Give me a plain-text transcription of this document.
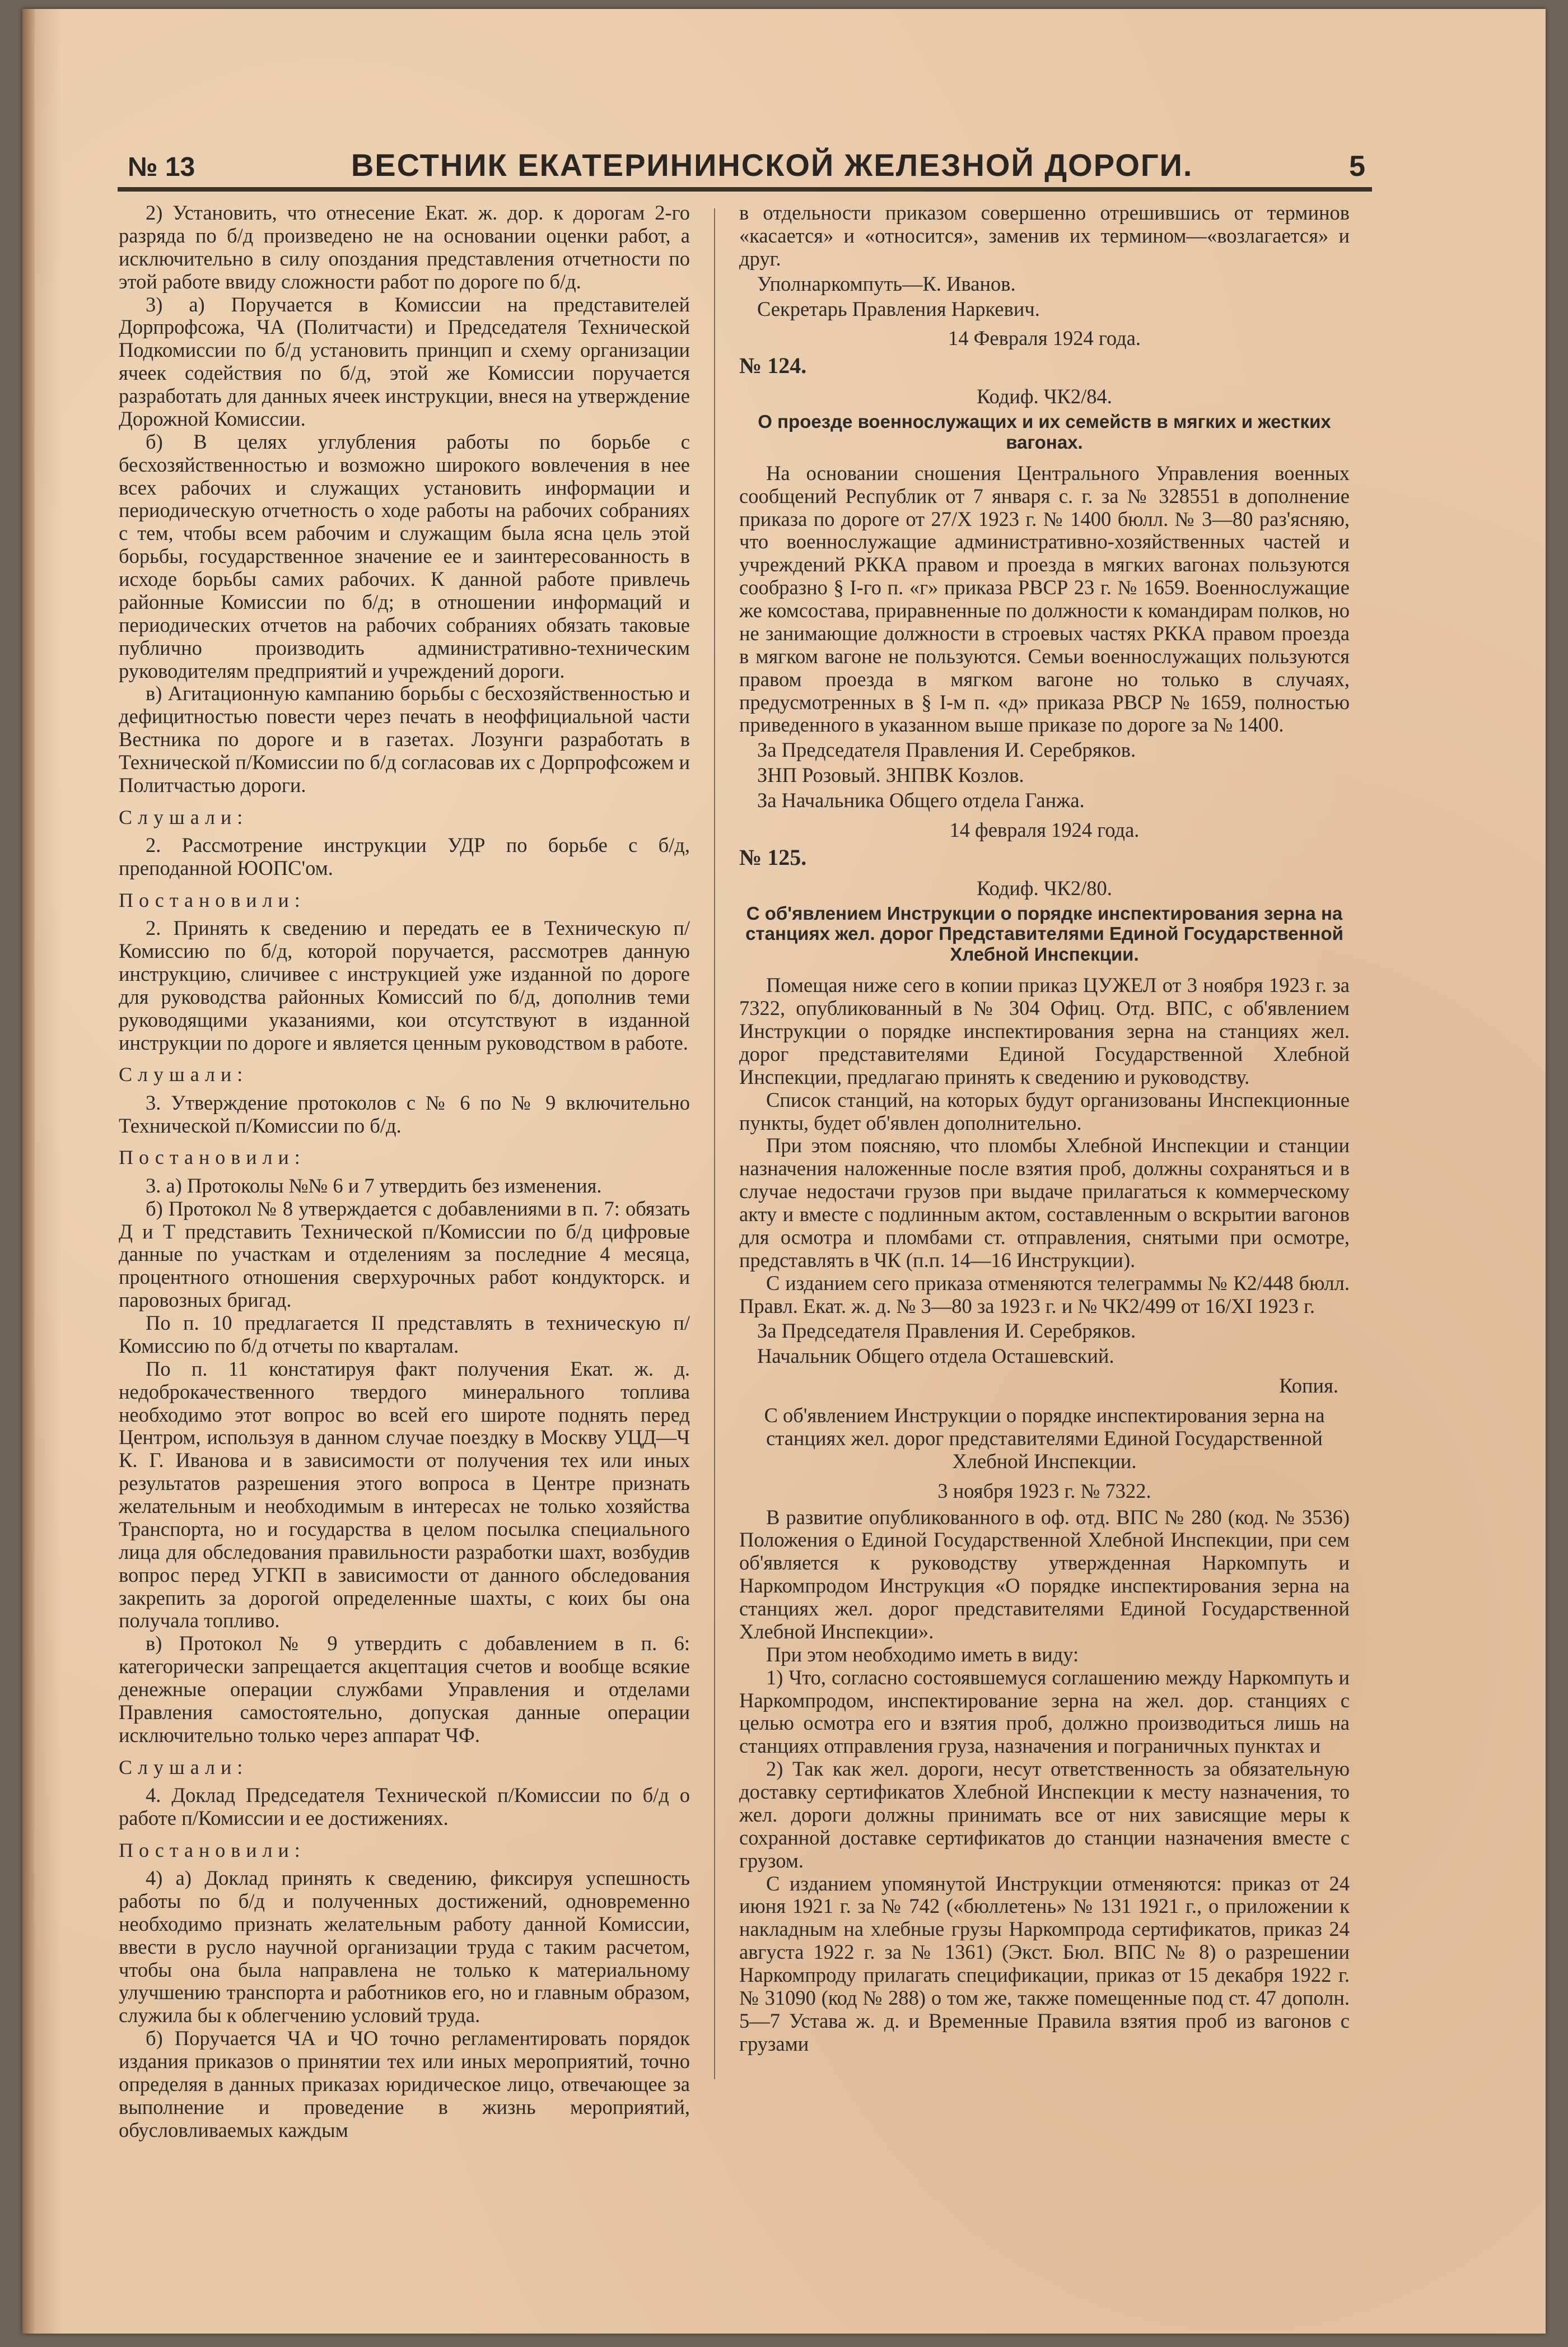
№ 13	ВЕСТНИК ЕКАТЕРИНИНСКОЙ ЖЕЛЕЗНОЙ ДОРОГИ.	5

2) Установить, что отнесение Екат. ж. дор. к дорогам 2-го разряда по б/д произведено не на основании оценки работ, а исключительно в силу опоздания представления отчетности по этой работе ввиду сложности работ по дороге по б/д.

3) а) Поручается в Комиссии на представителей Дорпрофсожа, ЧА (Политчасти) и Председателя Технической Подкомиссии по б/д установить принцип и схему организации ячеек содействия по б/д, этой же Комиссии поручается разработать для данных ячеек инструкции, внеся на утверждение Дорожной Комиссии.

б) В целях углубления работы по борьбе с бесхозяйственностью и возможно широкого вовлечения в нее всех рабочих и служащих установить информации и периодическую отчетность о ходе работы на рабочих собраниях с тем, чтобы всем рабочим и служащим была ясна цель этой борьбы, государственное значение ее и заинтересованность в исходе борьбы самих рабочих. К данной работе привлечь районные Комиссии по б/д; в отношении информаций и периодических отчетов на рабочих собраниях обязать таковые публично производить административно-техническим руководителям предприятий и учреждений дороги.

в) Агитационную кампанию борьбы с бесхозяйственностью и дефицитностью повести через печать в неоффициальной части Вестника по дороге и в газетах. Лозунги разработать в Технической п/Комиссии по б/д согласовав их с Дорпрофсожем и Политчастью дороги.

Слушали:

2. Рассмотрение инструкции УДР по борьбе с б/д, преподанной ЮОПС'ом.

Постановили:

2. Принять к сведению и передать ее в Техническую п/Комиссию по б/д, которой поручается, рассмотрев данную инструкцию, сличивее с инструкцией уже изданной по дороге для руководства районных Комиссий по б/д, дополнив теми руководящими указаниями, кои отсутствуют в изданной инструкции по дороге и является ценным руководством в работе.

Слушали:

3. Утверждение протоколов с № 6 по № 9 включительно Технической п/Комиссии по б/д.

Постановили:

3. а) Протоколы №№ 6 и 7 утвердить без изменения.

б) Протокол № 8 утверждается с добавлениями в п. 7: обязать Д и Т представить Технической п/Комиссии по б/д цифровые данные по участкам и отделениям за последние 4 месяца, процентного отношения сверхурочных работ кондукторск. и паровозных бригад.

По п. 10 предлагается II представлять в техническую п/Комиссию по б/д отчеты по кварталам.

По п. 11 констатируя факт получения Екат. ж. д. недоброкачественного твердого минерального топлива необходимо этот вопрос во всей его широте поднять перед Центром, используя в данном случае поездку в Москву УЦД—Ч К. Г. Иванова и в зависимости от получения тех или иных результатов разрешения этого вопроса в Центре признать желательным и необходимым в интересах не только хозяйства Транспорта, но и государства в целом посылка специального лица для обследования правильности разработки шахт, возбудив вопрос перед УГКП в зависимости от данного обследования закрепить за дорогой определенные шахты, с коих бы она получала топливо.

в) Протокол № 9 утвердить с добавлением в п. 6: категорически запрещается акцептация счетов и вообще всякие денежные операции службами Управления и отделами Правления самостоятельно, допуская данные операции исключительно только через аппарат ЧФ.

Слушали:

4. Доклад Председателя Технической п/Комиссии по б/д о работе п/Комиссии и ее достижениях.

Постановили:

4) а) Доклад принять к сведению, фиксируя успешность работы по б/д и полученных достижений, одновременно необходимо признать желательным работу данной Комиссии, ввести в русло научной организации труда с таким расчетом, чтобы она была направлена не только к материальному улучшению транспорта и работников его, но и главным образом, служила бы к облегчению условий труда.

б) Поручается ЧА и ЧО точно регламентировать порядок издания приказов о принятии тех или иных мероприятий, точно определяя в данных приказах юридическое лицо, отвечающее за выполнение и проведение в жизнь мероприятий, обусловливаемых каждым

в отдельности приказом совершенно отрешившись от терминов «касается» и «относится», заменив их термином—«возлагается» и друг.

Уполнаркомпуть—К. Иванов.

Секретарь Правления Наркевич.

14 Февраля 1924 года.

№ 124.

Кодиф. ЧК2/84.

О проезде военнослужащих и их семейств в мягких и жестких вагонах.

На основании сношения Центрального Управления военных сообщений Республик от 7 января с. г. за № 328551 в дополнение приказа по дороге от 27/Х 1923 г. № 1400 бюлл. № 3—80 раз'ясняю, что военнослужащие административно-хозяйственных частей и учреждений РККА правом и проезда в мягких вагонах пользуются сообразно § I-го п. «г» приказа РВСР 23 г. № 1659. Военнослужащие же комсостава, приравненные по должности к командирам полков, но не занимающие должности в строевых частях РККА правом проезда в мягком вагоне не пользуются. Семьи военнослужащих пользуются правом проезда в мягком вагоне но только в случаях, предусмотренных в § I-м п. «д» приказа РВСР № 1659, полностью приведенного в указанном выше приказе по дороге за № 1400.

За Председателя Правления И. Серебряков.

ЗНП Розовый. ЗНПВК Козлов.

За Начальника Общего отдела Ганжа.

14 февраля 1924 года.

№ 125.

Кодиф. ЧК2/80.

С об'явлением Инструкции о порядке инспектирования зерна на станциях жел. дорог Представителями Единой Государственной Хлебной Инспекции.

Помещая ниже сего в копии приказ ЦУЖЕЛ от 3 ноября 1923 г. за 7322, опубликованный в № 304 Офиц. Отд. ВПС, с об'явлением Инструкции о порядке инспектирования зерна на станциях жел. дорог представителями Единой Государственной Хлебной Инспекции, предлагаю принять к сведению и руководству.

Список станций, на которых будут организованы Инспекционные пункты, будет об'явлен дополнительно.

При этом поясняю, что пломбы Хлебной Инспекции и станции назначения наложенные после взятия проб, должны сохраняться и в случае недостачи грузов при выдаче прилагаться к коммерческому акту и вместе с подлинным актом, составленным о вскрытии вагонов для осмотра и пломбами ст. отправления, снятыми при осмотре, представлять в ЧК (п.п. 14—16 Инструкции).

С изданием сего приказа отменяются телеграммы № К2/448 бюлл. Правл. Екат. ж. д. № 3—80 за 1923 г. и № ЧК2/499 от 16/XI 1923 г.

За Председателя Правления И. Серебряков.

Начальник Общего отдела Осташевский.

Копия.

С об'явлением Инструкции о порядке инспектирования зерна на станциях жел. дорог представителями Единой Государственной Хлебной Инспекции.

3 ноября 1923 г. № 7322.

В развитие опубликованного в оф. отд. ВПС № 280 (код. № 3536) Положения о Единой Государственной Хлебной Инспекции, при сем об'является к руководству утвержденная Наркомпуть и Наркомпродом Инструкция «О порядке инспектирования зерна на станциях жел. дорог представителями Единой Государственной Хлебной Инспекции».

При этом необходимо иметь в виду:

1) Что, согласно состоявшемуся соглашению между Наркомпуть и Наркомпродом, инспектирование зерна на жел. дор. станциях с целью осмотра его и взятия проб, должно производиться лишь на станциях отправления груза, назначения и пограничных пунктах и

2) Так как жел. дороги, несут ответственность за обязательную доставку сертификатов Хлебной Инспекции к месту назначения, то жел. дороги должны принимать все от них зависящие меры к сохранной доставке сертификатов до станции назначения вместе с грузом.

С изданием упомянутой Инструкции отменяются: приказ от 24 июня 1921 г. за № 742 («бюллетень» № 131 1921 г., о приложении к накладным на хлебные грузы Наркомпрода сертификатов, приказ 24 августа 1922 г. за № 1361) (Экст. Бюл. ВПС № 8) о разрешении Наркомпроду прилагать спецификации, приказ от 15 декабря 1922 г. № 31090 (код № 288) о том же, также помещенные под ст. 47 дополн. 5—7 Устава ж. д. и Временные Правила взятия проб из вагонов с грузами
